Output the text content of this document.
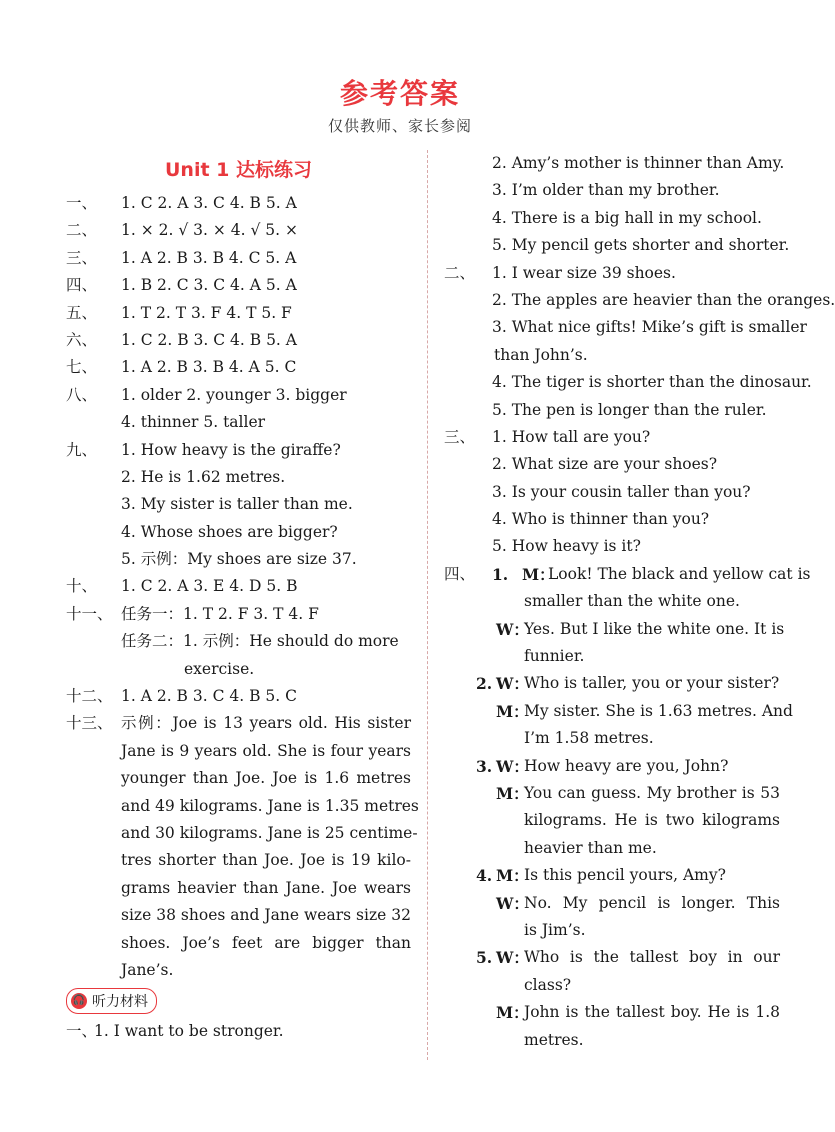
参考答案
仅供教师、家长参阅
Unit 1 达标练习
一、	1. C 2. A 3. C 4. B 5. A
二、	1. × 2. √ 3. × 4. √ 5. ×
三、	1. A 2. B 3. B 4. C 5. A
四、	1. B 2. C 3. C 4. A 5. A
五、	1. T 2. T 3. F 4. T 5. F
六、	1. C 2. B 3. C 4. B 5. A
七、	1. A 2. B 3. B 4. A 5. C
八、	1. older 2. younger 3. bigger
4. thinner 5. taller
九、	1. How heavy is the giraffe?
2. He is 1.62 metres.
3. My sister is taller than me.
4. Whose shoes are bigger?
5. 示例：My shoes are size 37.
十、	1. C 2. A 3. E 4. D 5. B
十一、 任务一：1. T 2. F 3. T 4. F
任务二：1. 示例：He should do more
exercise.
十二、 1. A 2. B 3. C 4. B 5. C
十三、 示例：Joe is 13 years old. His sister
Jane is 9 years old. She is four years
younger than Joe. Joe is 1.6 metres
and 49 kilograms. Jane is 1.35 metres
and 30 kilograms. Jane is 25 centime-
tres shorter than Joe. Joe is 19 kilo-
grams heavier than Jane. Joe wears
size 38 shoes and Jane wears size 32
shoes. Joe’s feet are bigger than
Jane’s.
🎧 听力材料
一、
1. I want to be stronger.
2. Amy’s mother is thinner than Amy.
3. I’m older than my brother.
4. There is a big hall in my school.
5. My pencil gets shorter and shorter.
二、	1. I wear size 39 shoes.
2. The apples are heavier than the oranges.
3. What nice gifts! Mike’s gift is smaller
than John’s.
4. The tiger is shorter than the dinosaur.
5. The pen is longer than the ruler.
三、	1. How tall are you?
2. What size are your shoes?
3. Is your cousin taller than you?
4. Who is thinner than you?
5. How heavy is it?
四、	1. M：
Look! The black and yellow cat is
smaller than the white one.
W：
Yes. But I like the white one. It is
funnier.
2. W：
Who is taller, you or your sister?
M：
My sister. She is 1.63 metres. And
I’m 1.58 metres.
3. W：
How heavy are you, John?
M：
You can guess. My brother is 53
kilograms. He is two kilograms
heavier than me.
4. M：
Is this pencil yours, Amy?
W：
No. My pencil is longer. This
is Jim’s.
5. W：
Who is the tallest boy in our
class?
M：
John is the tallest boy. He is 1.8
metres.
